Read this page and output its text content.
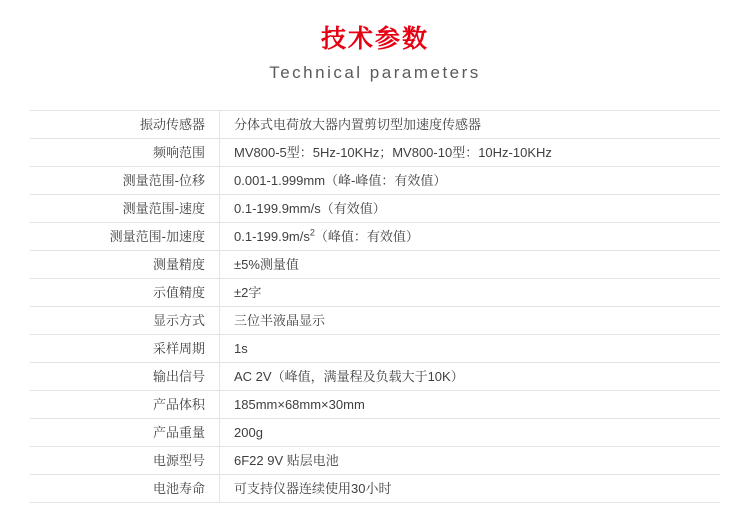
技术参数
Technical parameters
振动传感器	分体式电荷放大器内置剪切型加速度传感器
频响范围	MV800-5型：5Hz-10KHz；MV800-10型：10Hz-10KHz
测量范围-位移	0.001-1.999mm（峰-峰值：有效值）
测量范围-速度	0.1-199.9mm/s（有效值）
测量范围-加速度	$0.1-199.9m/s^2$（峰值：有效值）
测量精度	±5%测量值
示值精度	±2字
显示方式	三位半液晶显示
采样周期	1s
输出信号	AC 2V（峰值，满量程及负载大于10K）
产品体积	185mm×68mm×30mm
产品重量	200g
电源型号	6F22 9V 贴层电池
电池寿命	可支持仪器连续使用30小时
